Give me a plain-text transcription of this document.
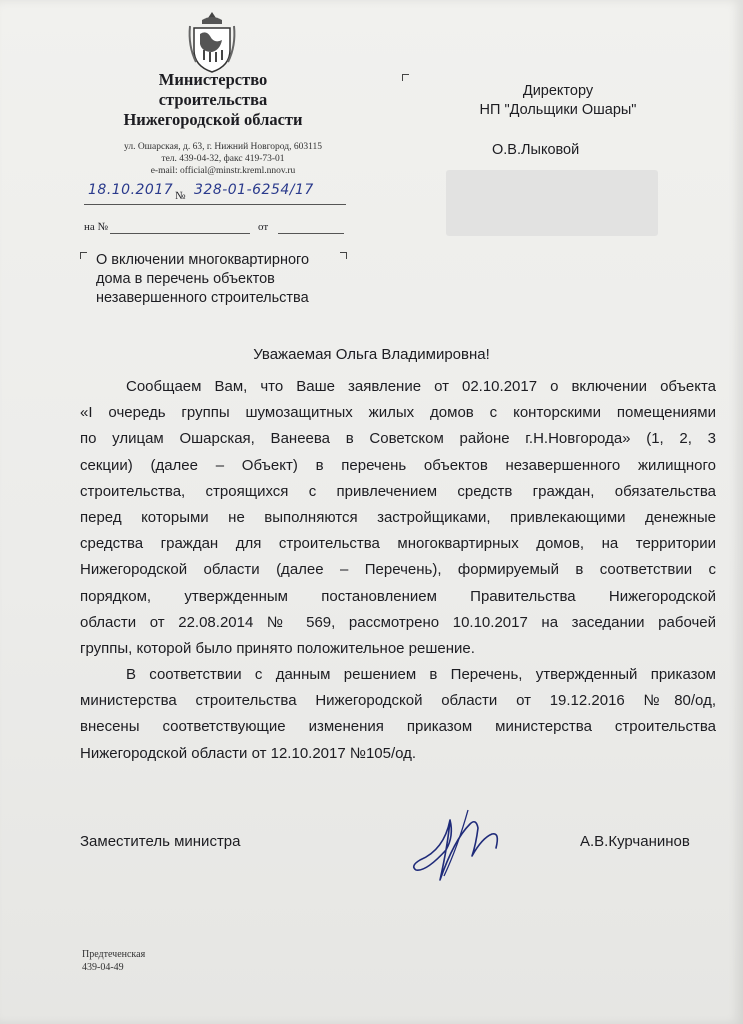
Министерство
строительства
Нижегородской области
ул. Ошарская, д. 63, г. Нижний Новгород, 603115
тел. 439-04-32, факс 419-73-01
e-mail: official@minstr.kreml.nnov.ru
18.10.2017 № 328-01-6254/17
на №	от
О включении многоквартирного
дома в перечень объектов
незавершенного строительства
Директору
НП "Дольщики Ошары"
О.В.Лыковой
Уважаемая Ольга Владимировна!
Сообщаем Вам, что Ваше заявление от 02.10.2017 о включении объекта
«I очередь группы шумозащитных жилых домов с конторскими помещениями
по улицам Ошарская, Ванеева в Советском районе г.Н.Новгорода» (1, 2, 3
секции) (далее – Объект) в перечень объектов незавершенного жилищного
строительства, строящихся с привлечением средств граждан, обязательства
перед которыми не выполняются застройщиками, привлекающими денежные
средства граждан для строительства многоквартирных домов, на территории
Нижегородской области (далее – Перечень), формируемый в соответствии с
порядком, утвержденным постановлением Правительства Нижегородской
области от 22.08.2014 № 569, рассмотрено 10.10.2017 на заседании рабочей
группы, которой было принято положительное решение.
В соответствии с данным решением в Перечень, утвержденный приказом
министерства строительства Нижегородской области от 19.12.2016 №80/од,
внесены соответствующие изменения приказом министерства строительства
Нижегородской области от 12.10.2017 №105/од.
Заместитель министра	А.В.Курчанинов
Предтеченская
439-04-49
